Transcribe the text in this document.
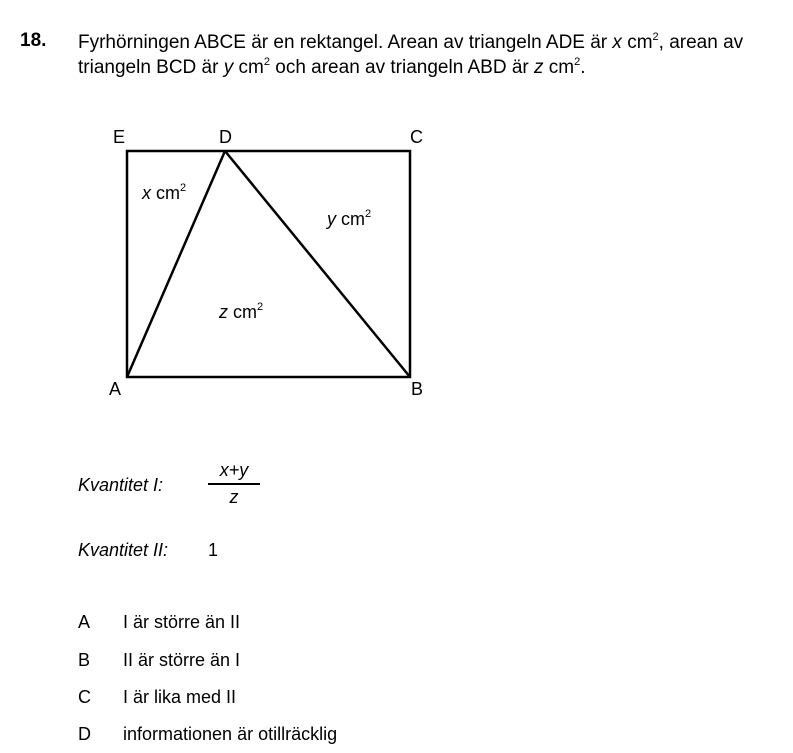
18. Fyrhörningen ABCE är en rektangel. Arean av triangeln ADE är x $cm^2$, arean av
triangeln BCD är y $cm^2$ och arean av triangeln ABD är z $cm^2$.
E	D	C
A	B
x $cm^2$
y $cm^2$
z $cm^2$
Kvantitet I:
x+y
z
Kvantitet II: 1
A I är större än II
B II är större än I
C I är lika med II
D informationen är otillräcklig
